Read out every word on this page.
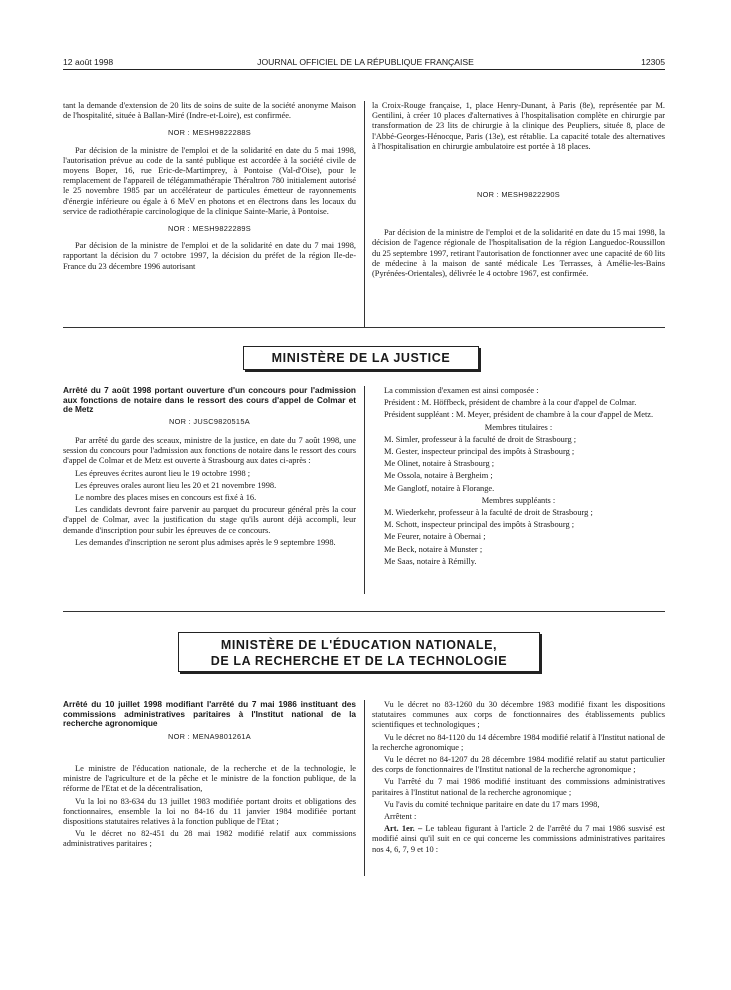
12 août 1998	JOURNAL OFFICIEL DE LA RÉPUBLIQUE FRANÇAISE	12305

tant la demande d'extension de 20 lits de soins de suite de la société anonyme Maison de l'hospitalité, située à Ballan-Miré (Indre-et-Loire), est confirmée.

NOR : MESH9822288S

Par décision de la ministre de l'emploi et de la solidarité en date du 5 mai 1998, l'autorisation prévue au code de la santé publique est accordée à la société civile de moyens Boper, 16, rue Eric-de-Martimprey, à Pontoise (Val-d'Oise), pour le remplacement de l'appareil de télégammathérapie Théraltron 780 initialement autorisé le 25 novembre 1985 par un accélérateur de particules émetteur de rayonnements d'énergie inférieure ou égale à 6 MeV en photons et en électrons dans les locaux du service de radiothérapie carcinologique de la clinique Sainte-Marie, à Pontoise.

NOR : MESH9822289S

Par décision de la ministre de l'emploi et de la solidarité en date du 7 mai 1998, rapportant la décision du 7 octobre 1997, la décision du préfet de la région Ile-de-France du 23 décembre 1996 autorisant

la Croix-Rouge française, 1, place Henry-Dunant, à Paris (8e), représentée par M. Gentilini, à créer 10 places d'alternatives à l'hospitalisation complète en chirurgie par transformation de 23 lits de chirurgie à la clinique des Peupliers, située 8, place de l'Abbé-Georges-Hénocque, Paris (13e), est rétablie. La capacité totale des alternatives à l'hospitalisation en chirurgie ambulatoire est portée à 18 places.

NOR : MESH9822290S

Par décision de la ministre de l'emploi et de la solidarité en date du 15 mai 1998, la décision de l'agence régionale de l'hospitalisation de la région Languedoc-Roussillon du 25 septembre 1997, retirant l'autorisation de fonctionner avec une capacité de 60 lits de médecine à la maison de santé médicale Les Terrasses, à Amélie-les-Bains (Pyrénées-Orientales), délivrée le 4 octobre 1967, est confirmée.

MINISTÈRE DE LA JUSTICE

Arrêté du 7 août 1998 portant ouverture d'un concours pour l'admission aux fonctions de notaire dans le ressort des cours d'appel de Colmar et de Metz

NOR : JUSC9820515A

Par arrêté du garde des sceaux, ministre de la justice, en date du 7 août 1998, une session du concours pour l'admission aux fonctions de notaire dans le ressort des cours d'appel de Colmar et de Metz est ouverte à Strasbourg aux dates ci-après :

Les épreuves écrites auront lieu le 19 octobre 1998 ;

Les épreuves orales auront lieu les 20 et 21 novembre 1998.

Le nombre des places mises en concours est fixé à 16.

Les candidats devront faire parvenir au parquet du procureur général près la cour d'appel de Colmar, avec la justification du stage qu'ils auront déjà accompli, leur demande d'inscription pour subir les épreuves de ce concours.

Les demandes d'inscription ne seront plus admises après le 9 septembre 1998.

La commission d'examen est ainsi composée :

Président : M. Höffbeck, président de chambre à la cour d'appel de Colmar.

Président suppléant : M. Meyer, président de chambre à la cour d'appel de Metz.

Membres titulaires :

M. Simler, professeur à la faculté de droit de Strasbourg ;

M. Gester, inspecteur principal des impôts à Strasbourg ;

Me Olinet, notaire à Strasbourg ;

Me Ossola, notaire à Bergheim ;

Me Ganglotf, notaire à Florange.

Membres suppléants :

M. Wiederkehr, professeur à la faculté de droit de Strasbourg ;

M. Schott, inspecteur principal des impôts à Strasbourg ;

Me Feurer, notaire à Obernai ;

Me Beck, notaire à Munster ;

Me Saas, notaire à Rémilly.

MINISTÈRE DE L'ÉDUCATION NATIONALE,
DE LA RECHERCHE ET DE LA TECHNOLOGIE

Arrêté du 10 juillet 1998 modifiant l'arrêté du 7 mai 1986 instituant des commissions administratives paritaires à l'Institut national de la recherche agronomique

NOR : MENA9801261A

Le ministre de l'éducation nationale, de la recherche et de la technologie, le ministre de l'agriculture et de la pêche et le ministre de la fonction publique, de la réforme de l'Etat et de la décentralisation,

Vu la loi no 83-634 du 13 juillet 1983 modifiée portant droits et obligations des fonctionnaires, ensemble la loi no 84-16 du 11 janvier 1984 modifiée portant dispositions statutaires relatives à la fonction publique de l'Etat ;

Vu le décret no 82-451 du 28 mai 1982 modifié relatif aux commissions administratives paritaires ;

Vu le décret no 83-1260 du 30 décembre 1983 modifié fixant les dispositions statutaires communes aux corps de fonctionnaires des établissements publics scientifiques et technologiques ;

Vu le décret no 84-1120 du 14 décembre 1984 modifié relatif à l'Institut national de la recherche agronomique ;

Vu le décret no 84-1207 du 28 décembre 1984 modifié relatif au statut particulier des corps de fonctionnaires de l'Institut national de la recherche agronomique ;

Vu l'arrêté du 7 mai 1986 modifié instituant des commissions administratives paritaires à l'Institut national de la recherche agronomique ;

Vu l'avis du comité technique paritaire en date du 17 mars 1998,

Arrêtent :

Art. 1er. – Le tableau figurant à l'article 2 de l'arrêté du 7 mai 1986 susvisé est modifié ainsi qu'il suit en ce qui concerne les commissions administratives paritaires nos 4, 6, 7, 9 et 10 :
